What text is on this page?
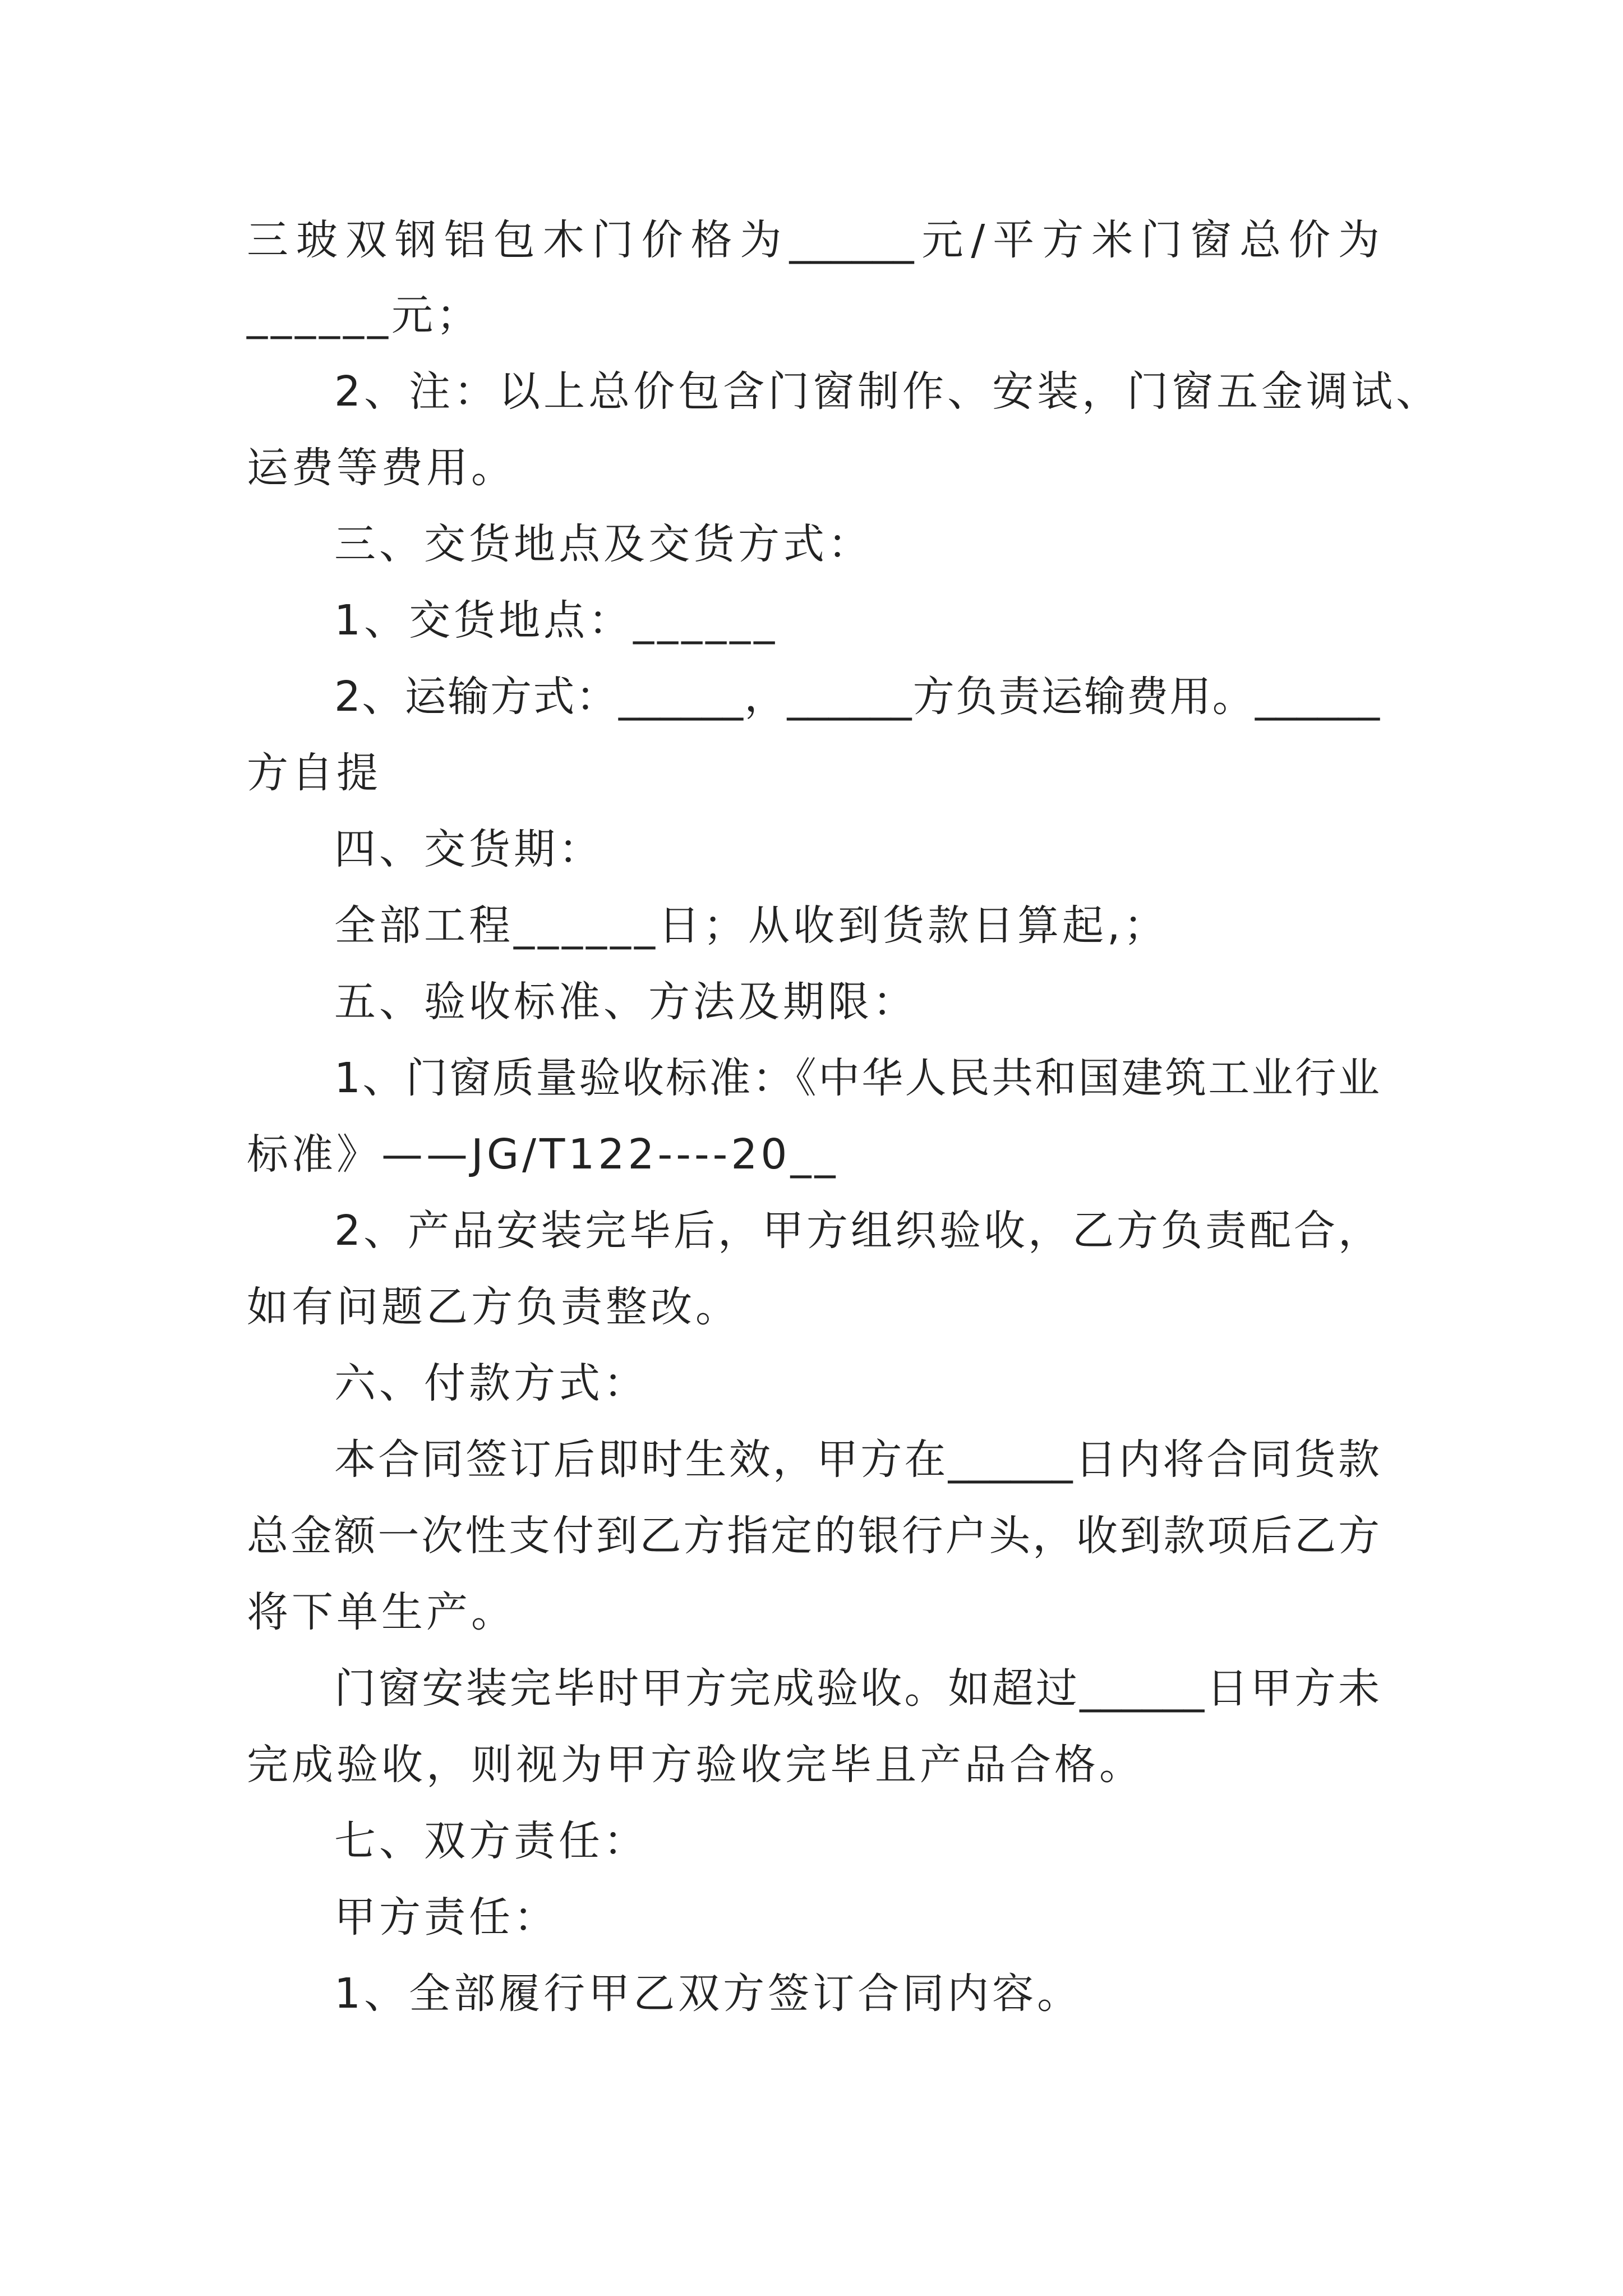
三玻双钢铝包木门价格为______元/平方米门窗总价为
______元；
2、注：以上总价包含门窗制作、安装，门窗五金调试、
运费等费用。
三、交货地点及交货方式：
1、交货地点：______
2、运输方式：______，______方负责运输费用。______
方自提
四、交货期：
全部工程______日；从收到货款日算起,；
五、验收标准、方法及期限：
1、门窗质量验收标准：《中华人民共和国建筑工业行业
标准》——JG/T122----20__
2、产品安装完毕后，甲方组织验收，乙方负责配合，
如有问题乙方负责整改。
六、付款方式：
本合同签订后即时生效，甲方在______日内将合同货款
总金额一次性支付到乙方指定的银行户头，收到款项后乙方
将下单生产。
门窗安装完毕时甲方完成验收。如超过______日甲方未
完成验收，则视为甲方验收完毕且产品合格。
七、双方责任：
甲方责任：
1、全部履行甲乙双方签订合同内容。
